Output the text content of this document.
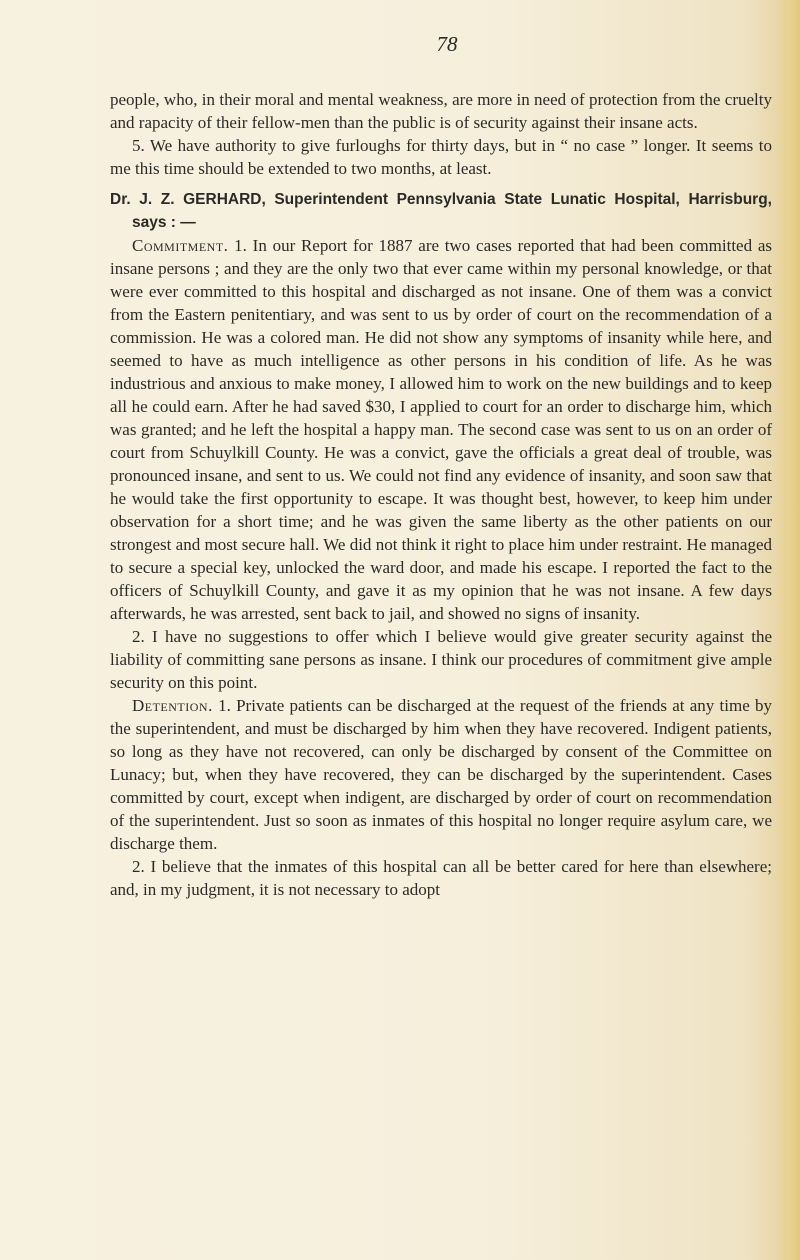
78

people, who, in their moral and mental weakness, are more in need of protection from the cruelty and rapacity of their fellow-men than the public is of security against their insane acts.

5. We have authority to give furloughs for thirty days, but in “ no case ” longer. It seems to me this time should be extended to two months, at least.

Dr. J. Z. GERHARD, Superintendent Pennsylvania State Lunatic Hospital, Harrisburg, says : —

Commitment. 1. In our Report for 1887 are two cases reported that had been committed as insane persons ; and they are the only two that ever came within my personal knowledge, or that were ever committed to this hospital and discharged as not insane. One of them was a convict from the Eastern penitentiary, and was sent to us by order of court on the recommendation of a commission. He was a colored man. He did not show any symptoms of insanity while here, and seemed to have as much intelligence as other persons in his condition of life. As he was industrious and anxious to make money, I allowed him to work on the new buildings and to keep all he could earn. After he had saved $30, I applied to court for an order to discharge him, which was granted; and he left the hospital a happy man. The second case was sent to us on an order of court from Schuylkill County. He was a convict, gave the officials a great deal of trouble, was pronounced insane, and sent to us. We could not find any evidence of insanity, and soon saw that he would take the first opportunity to escape. It was thought best, however, to keep him under observation for a short time; and he was given the same liberty as the other patients on our strongest and most secure hall. We did not think it right to place him under restraint. He managed to secure a special key, unlocked the ward door, and made his escape. I reported the fact to the officers of Schuylkill County, and gave it as my opinion that he was not insane. A few days afterwards, he was arrested, sent back to jail, and showed no signs of insanity.

2. I have no suggestions to offer which I believe would give greater security against the liability of committing sane persons as insane. I think our procedures of commitment give ample security on this point.

Detention. 1. Private patients can be discharged at the request of the friends at any time by the superintendent, and must be discharged by him when they have recovered. Indigent patients, so long as they have not recovered, can only be discharged by consent of the Committee on Lunacy; but, when they have recovered, they can be discharged by the superintendent. Cases committed by court, except when indigent, are discharged by order of court on recommendation of the superintendent. Just so soon as inmates of this hospital no longer require asylum care, we discharge them.

2. I believe that the inmates of this hospital can all be better cared for here than elsewhere; and, in my judgment, it is not necessary to adopt
